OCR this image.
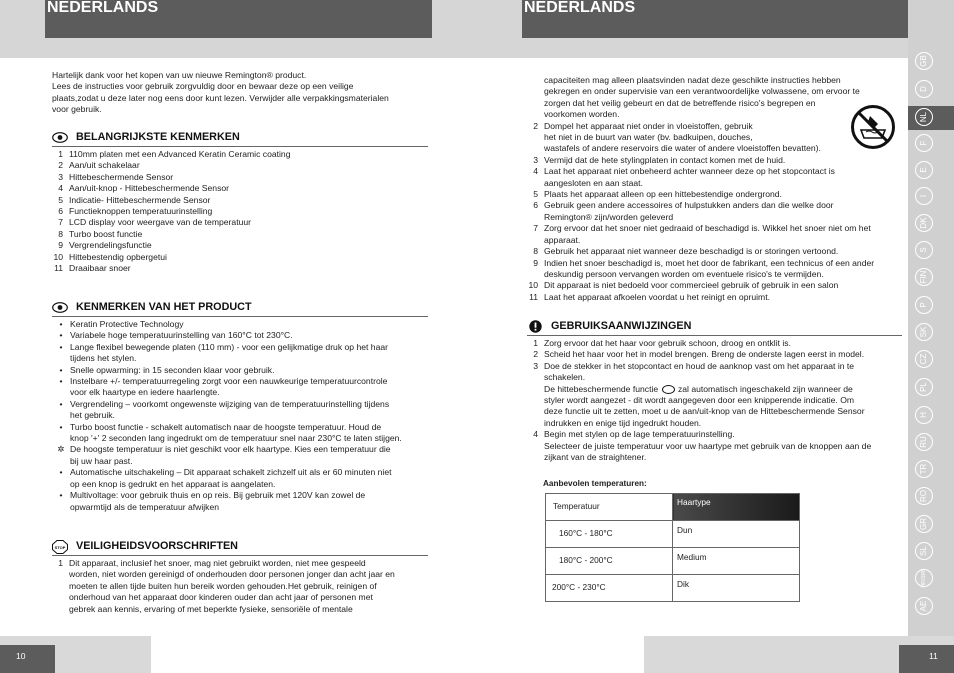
NEDERLANDS

Hartelijk dank voor het kopen van uw nieuwe Remington® product.

Lees de instructies voor gebruik zorgvuldig door en bewaar deze op een veilige

plaats,zodat u deze later nog eens door kunt lezen. Verwijder alle verpakkingsmaterialen

voor gebruik.

BELANGRIJKSTE KENMERKEN
1 110mm platen met een Advanced Keratin Ceramic coating
2 Aan/uit schakelaar
3 Hittebeschermende Sensor
4 Aan/uit-knop - Hittebeschermende Sensor
5 Indicatie- Hittebeschermende Sensor
6 Functieknoppen temperatuurinstelling
7 LCD display voor weergave van de temperatuur
8 Turbo boost functie
9 Vergrendelingsfunctie
10 Hittebestendig opbergetui
11 Draaibaar snoer
KENMERKEN VAN HET PRODUCT
• Keratin Protective Technology
• Variabele hoge temperatuurinstelling van 160°C tot 230°C.
• Lange flexibel bewegende platen (110 mm) - voor een gelijkmatige druk op het haar
tijdens het stylen.
• Snelle opwarming: in 15 seconden klaar voor gebruik.
• Instelbare +/- temperatuurregeling zorgt voor een nauwkeurige temperatuurcontrole
voor elk haartype en iedere haarlengte.
• Vergrendeling – voorkomt ongewenste wijziging van de temperatuurinstelling tijdens
het gebruik.
• Turbo boost functie - schakelt automatisch naar de hoogste temperatuur. Houd de
knop '+' 2 seconden lang ingedrukt om de temperatuur snel naar 230°C te laten stijgen.
✲ De hoogste temperatuur is niet geschikt voor elk haartype. Kies een temperatuur die
bij uw haar past.
• Automatische uitschakeling – Dit apparaat schakelt zichzelf uit als er 60 minuten niet
op een knop is gedrukt en het apparaat is aangelaten.
• Multivoltage: voor gebruik thuis en op reis. Bij gebruik met 120V kan zowel de
opwarmtijd als de temperatuur afwijken
STOP VEILIGHEIDSVOORSCHRIFTEN
1 Dit apparaat, inclusief het snoer, mag niet gebruikt worden, niet mee gespeeld
worden, niet worden gereinigd of onderhouden door personen jonger dan acht jaar en
moeten te allen tijde buiten hun bereik worden gehouden.Het gebruik, reinigen of
onderhoud van het apparaat door kinderen ouder dan acht jaar of personen met
gebrek aan kennis, ervaring of met beperkte fysieke, sensoriële of mentale
10
NEDERLANDS
capaciteiten mag alleen plaatsvinden nadat deze geschikte instructies hebben
gekregen en onder supervisie van een verantwoordelijke volwassene, om ervoor te
zorgen dat het veilig gebeurt en dat de betreffende risico's begrepen en
voorkomen worden.
2 Dompel het apparaat niet onder in vloeistoffen, gebruik
het niet in de buurt van water (bv. badkuipen, douches,
wastafels of andere reservoirs die water of andere vloeistoffen bevatten).
3 Vermijd dat de hete stylingplaten in contact komen met de huid.
4 Laat het apparaat niet onbeheerd achter wanneer deze op het stopcontact is
aangesloten en aan staat.
5 Plaats het apparaat alleen op een hittebestendige ondergrond.
6 Gebruik geen andere accessoires of hulpstukken anders dan die welke door
Remington® zijn/worden geleverd
7 Zorg ervoor dat het snoer niet gedraaid of beschadigd is. Wikkel het snoer niet om het
apparaat.
8 Gebruik het apparaat niet wanneer deze beschadigd is or storingen vertoond.
9 Indien het snoer beschadigd is, moet het door de fabrikant, een technicus of een ander
deskundig persoon vervangen worden om eventuele risico's te vermijden.
10 Dit apparaat is niet bedoeld voor commercieel gebruik of gebruik in een salon
11 Laat het apparaat afkoelen voordat u het reinigt en opruimt.
GEBRUIKSAANWIJZINGEN
1 Zorg ervoor dat het haar voor gebruik schoon, droog en ontklit is.
2 Scheid het haar voor het in model brengen. Breng de onderste lagen eerst in model.
3 Doe de stekker in het stopcontact en houd de aanknop vast om het apparaat in te
schakelen.
De hittebeschermende functie  zal automatisch ingeschakeld zijn wanneer de
styler wordt aangezet - dit wordt aangegeven door een knipperende indicatie. Om
deze functie uit te zetten, moet u de aan/uit-knop van de Hittebeschermende Sensor
indrukken en enige tijd ingedrukt houden.
4 Begin met stylen op de lage temperatuurinstelling.
Selecteer de juiste temperatuur voor uw haartype met gebruik van de knoppen aan de
zijkant van de straightener.
Aanbevolen temperaturen:
Temperatuur	Haartype
160°C - 180°C	Dun
180°C - 200°C	Medium
200°C - 230°C	Dik
GB
D
NL
F
E
I
DK
S
FIN
P
SK
CZ
PL
H
RU
TR
RO
GR
SL
HR/SRB
AE
11
